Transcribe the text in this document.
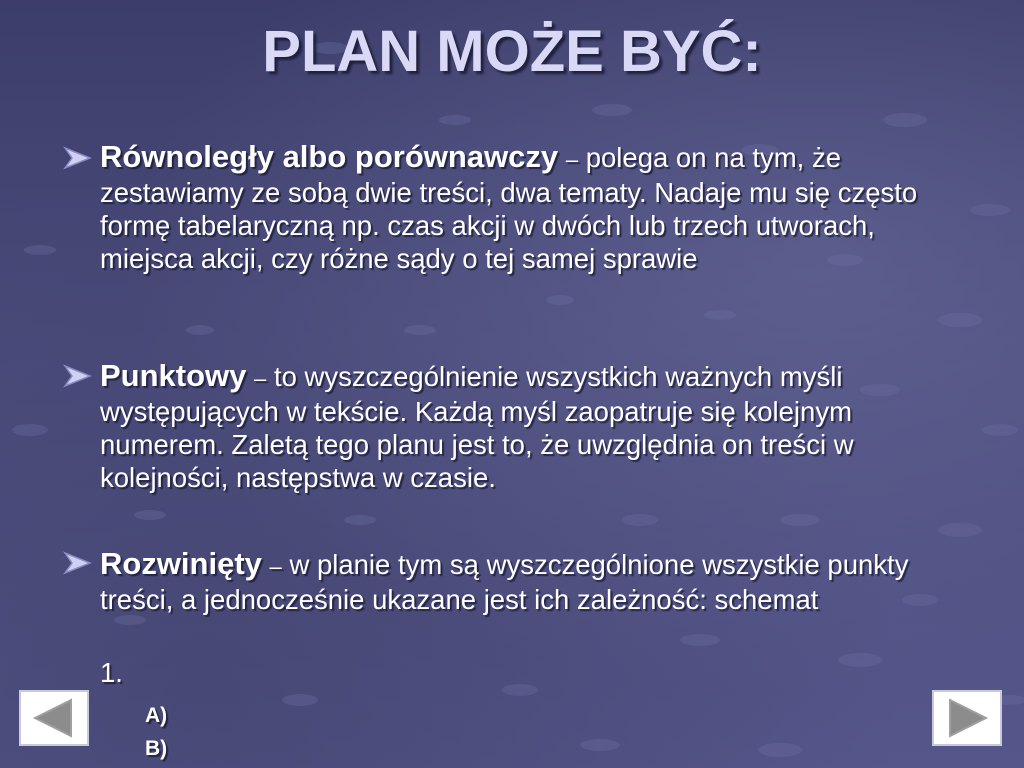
PLAN MOŻE BYĆ:
Równoległy albo porównawczy – polega on na tym, że zestawiamy ze sobą dwie treści, dwa tematy. Nadaje mu się często formę tabelaryczną np. czas akcji w dwóch lub trzech utworach, miejsca akcji, czy różne sądy o tej samej sprawie
Punktowy – to wyszczególnienie wszystkich ważnych myśli występujących w tekście. Każdą myśl zaopatruje się kolejnym numerem. Zaletą tego planu jest to, że uwzględnia on treści w kolejności, następstwa w czasie.
Rozwinięty – w planie tym są wyszczególnione wszystkie punkty treści, a jednocześnie ukazane jest ich zależność: schemat
1.
A)
B)
